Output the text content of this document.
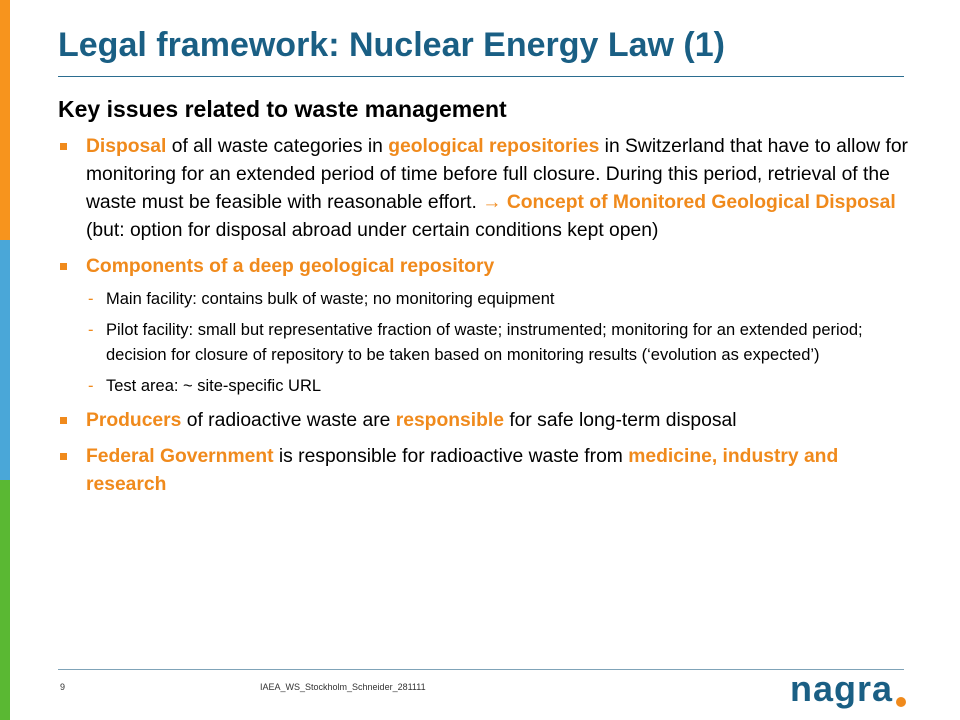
Legal framework: Nuclear Energy Law (1)
Key issues related to waste management
Disposal of all waste categories in geological repositories in Switzerland that have to allow for monitoring for an extended period of time before full closure. During this period, retrieval of the waste must be feasible with reasonable effort. → Concept of Monitored Geological Disposal
(but: option for disposal abroad under certain conditions kept open)
Components of a deep geological repository
- Main facility: contains bulk of waste; no monitoring equipment
- Pilot facility: small but representative fraction of waste; instrumented; monitoring for an extended period; decision for closure of repository to be taken based on monitoring results (‘evolution as expected’)
- Test area: ~ site-specific URL
Producers of radioactive waste are responsible for safe long-term disposal
Federal Government is responsible for radioactive waste from medicine, industry and research
9	IAEA_WS_Stockholm_Schneider_281111	nagra
